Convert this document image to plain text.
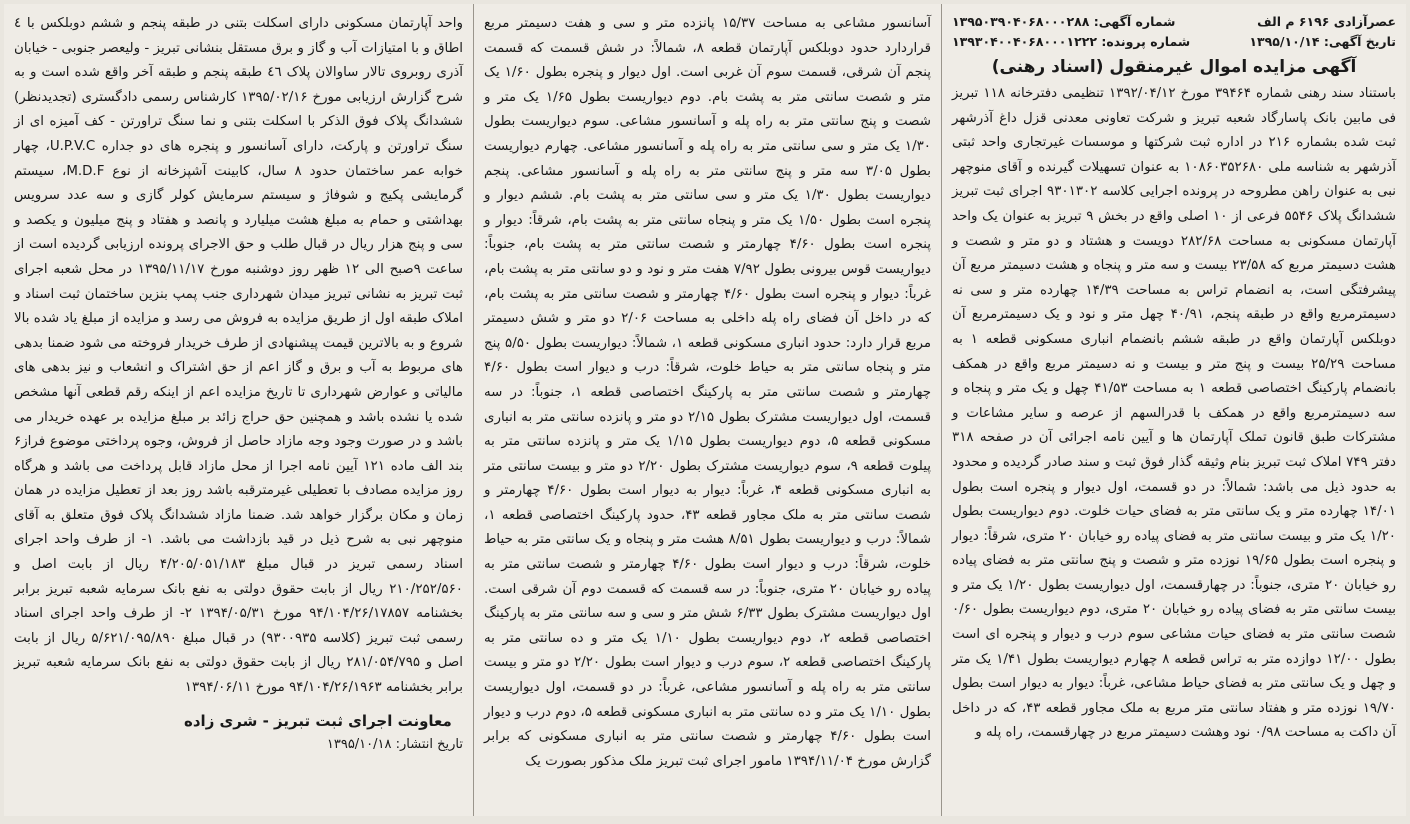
عصرآزادی ۶۱۹۶ م الف
شماره آگهی: ۱۳۹۵۰۳۹۰۴۰۶۸۰۰۰۲۸۸
تاریخ آگهی: ۱۳۹۵/۱۰/۱۴
شماره پرونده: ۱۳۹۳۰۴۰۰۴۰۶۸۰۰۰۱۲۲۲
آگهی مزایده اموال غیرمنقول (اسناد رهنی)

باستناد سند رهنی شماره ۳۹۴۶۴ مورخ ۱۳۹۲/۰۴/۱۲ تنظیمی دفترخانه ۱۱۸ تبریز فی مابین بانک پاسارگاد شعبه تبریز و شرکت تعاونی معدنی قزل داغ آذرشهر ثبت شده بشماره ۲۱۶ در اداره ثبت شرکتها و موسسات غیرتجاری واحد ثبتی آذرشهر به شناسه ملی ۱۰۸۶۰۳۵۲۶۸۰ به عنوان تسهیلات گیرنده و آقای منوچهر نبی به عنوان راهن مطروحه در پرونده اجرایی کلاسه ۹۳۰۱۳۰۲ اجرای ثبت تبریز ششدانگ پلاک ۵۵۴۶ فرعی از ۱۰ اصلی واقع در بخش ۹ تبریز به عنوان یک واحد آپارتمان مسکونی به مساحت ۲۸۲/۶۸ دویست و هشتاد و دو متر و شصت و هشت دسیمتر مربع که ۲۳/۵۸ بیست و سه متر و پنجاه و هشت دسیمتر مربع آن پیشرفتگی است، به انضمام تراس به مساحت ۱۴/۳۹ چهارده متر و سی نه دسیمترمربع واقع در طبقه پنجم، ۴۰/۹۱ چهل متر و نود و یک دسیمترمربع آن دوبلکس آپارتمان واقع در طبقه ششم بانضمام انباری مسکونی قطعه ۱ به مساحت ۲۵/۲۹ بیست و پنج متر و بیست و نه دسیمتر مربع واقع در همکف بانضمام پارکینگ اختصاصی قطعه ۱ به مساحت ۴۱/۵۳ چهل و یک متر و پنجاه و سه دسیمترمربع واقع در همکف با قدرالسهم از عرصه و سایر مشاعات و مشترکات طبق قانون تملک آپارتمان ها و آیین نامه اجرائی آن در صفحه ۳۱۸ دفتر ۷۴۹ املاک ثبت تبریز بنام وثیقه گذار فوق ثبت و سند صادر گردیده و محدود به حدود ذیل می باشد: شمالاً: در دو قسمت، اول دیوار و پنجره است بطول ۱۴/۰۱ چهارده متر و یک سانتی متر به فضای حیات خلوت. دوم دیواریست بطول ۱/۲۰ یک متر و بیست سانتی متر به فضای پیاده رو خیابان ۲۰ متری، شرقاً: دیوار و پنجره است بطول ۱۹/۶۵ نوزده متر و شصت و پنج سانتی متر به فضای پیاده رو خیابان ۲۰ متری، جنوباً: در چهارقسمت، اول دیواریست بطول ۱/۲۰ یک متر و بیست سانتی متر به فضای پیاده رو خیابان ۲۰ متری، دوم دیواریست بطول ۰/۶۰ شصت سانتی متر به فضای حیات مشاعی سوم درب و دیوار و پنجره ای است بطول ۱۲/۰۰ دوازده متر به تراس قطعه ۸ چهارم دیواریست بطول ۱/۴۱ یک متر و چهل و یک سانتی متر به فضای حیاط مشاعی، غرباً: دیوار به دیوار است بطول ۱۹/۷۰ نوزده متر و هفتاد سانتی متر مربع به ملک مجاور قطعه ۴۳، که در داخل آن داکت به مساحت ۰/۹۸ نود وهشت دسیمتر مربع در چهارقسمت، راه پله و

آسانسور مشاعی به مساحت ۱۵/۳۷ پانزده متر و سی و هفت دسیمتر مربع قراردارد حدود دوبلکس آپارتمان قطعه ۸، شمالاً: در شش قسمت که قسمت پنجم آن شرقی، قسمت سوم آن غربی است. اول دیوار و پنجره بطول ۱/۶۰ یک متر و شصت سانتی متر به پشت بام. دوم دیواریست بطول ۱/۶۵ یک متر و شصت و پنج سانتی متر به راه پله و آسانسور مشاعی. سوم دیواریست بطول ۱/۳۰ یک متر و سی سانتی متر به راه پله و آسانسور مشاعی. چهارم دیواریست بطول ۳/۰۵ سه متر و پنج سانتی متر به راه پله و آسانسور مشاعی. پنجم دیواریست بطول ۱/۳۰ یک متر و سی سانتی متر به پشت بام. ششم دیوار و پنجره است بطول ۱/۵۰ یک متر و پنجاه سانتی متر به پشت بام، شرقاً: دیوار و پنجره است بطول ۴/۶۰ چهارمتر و شصت سانتی متر به پشت بام، جنوباً: دیواریست قوس بیرونی بطول ۷/۹۲ هفت متر و نود و دو سانتی متر به پشت بام، غرباً: دیوار و پنجره است بطول ۴/۶۰ چهارمتر و شصت سانتی متر به پشت بام، که در داخل آن فضای راه پله داخلی به مساحت ۲/۰۶ دو متر و شش دسیمتر مربع قرار دارد: حدود انباری مسکونی قطعه ۱، شمالاً: دیواریست بطول ۵/۵۰ پنج متر و پنجاه سانتی متر به حیاط خلوت، شرقاً: درب و دیوار است بطول ۴/۶۰ چهارمتر و شصت سانتی متر به پارکینگ اختصاصی قطعه ۱، جنوباً: در سه قسمت، اول دیواریست مشترک بطول ۲/۱۵ دو متر و پانزده سانتی متر به انباری مسکونی قطعه ۵، دوم دیواریست بطول ۱/۱۵ یک متر و پانزده سانتی متر به پیلوت قطعه ۹، سوم دیواریست مشترک بطول ۲/۲۰ دو متر و بیست سانتی متر به انباری مسکونی قطعه ۴، غرباً: دیوار به دیوار است بطول ۴/۶۰ چهارمتر و شصت سانتی متر به ملک مجاور قطعه ۴۳، حدود پارکینگ اختصاصی قطعه ۱، شمالاً: درب و دیواریست بطول ۸/۵۱ هشت متر و پنجاه و یک سانتی متر به حیاط خلوت، شرقاً: درب و دیوار است بطول ۴/۶۰ چهارمتر و شصت سانتی متر به پیاده رو خیابان ۲۰ متری، جنوباً: در سه قسمت که قسمت دوم آن شرقی است. اول دیواریست مشترک بطول ۶/۳۳ شش متر و سی و سه سانتی متر به پارکینگ اختصاصی قطعه ۲، دوم دیواریست بطول ۱/۱۰ یک متر و ده سانتی متر به پارکینگ اختصاصی قطعه ۲، سوم درب و دیوار است بطول ۲/۲۰ دو متر و بیست سانتی متر به راه پله و آسانسور مشاعی، غرباً: در دو قسمت، اول دیواریست بطول ۱/۱۰ یک متر و ده سانتی متر به انباری مسکونی قطعه ۵، دوم درب و دیوار است بطول ۴/۶۰ چهارمتر و شصت سانتی متر به انباری مسکونی که برابر گزارش مورخ ۱۳۹۴/۱۱/۰۴ مامور اجرای ثبت تبریز ملک مذکور بصورت یک

واحد آپارتمان مسکونی دارای اسکلت بتنی در طبقه پنجم و ششم دوبلکس با ٤ اطاق و با امتیازات آب و گاز و برق مستقل بنشانی تبریز - ولیعصر جنوبی - خیابان آذری روبروی تالار ساوالان پلاک ٤٦ طبقه پنجم و طبقه آخر واقع شده است و به شرح گزارش ارزیابی مورخ ۱۳۹۵/۰۲/۱۶ کارشناس رسمی دادگستری (تجدیدنظر) ششدانگ پلاک فوق الذکر با اسکلت بتنی و نما سنگ تراورتن - کف آمیزه ای از سنگ تراورتن و پارکت، دارای آسانسور و پنجره های دو جداره U.P.V.C، چهار خوابه عمر ساختمان حدود ۸ سال، کابینت آشپزخانه از نوع M.D.F، سیستم گرمایشی پکیج و شوفاژ و سیستم سرمایش کولر گازی و سه عدد سرویس بهداشتی و حمام به مبلغ هشت میلیارد و پانصد و هفتاد و پنج میلیون و یکصد و سی و پنج هزار ریال در قبال طلب و حق الاجرای پرونده ارزیابی گردیده است از ساعت ۹صبح الی ۱۲ ظهر روز دوشنبه مورخ ۱۳۹۵/۱۱/۱۷ در محل شعبه اجرای ثبت تبریز به نشانی تبریز میدان شهرداری جنب پمپ بنزین ساختمان ثبت اسناد و املاک طبقه اول از طریق مزایده به فروش می رسد و مزایده از مبلغ یاد شده بالا شروع و به بالاترین قیمت پیشنهادی از طرف خریدار فروخته می شود ضمنا بدهی های مربوط به آب و برق و گاز اعم از حق اشتراک و انشعاب و نیز بدهی های مالیاتی و عوارض شهرداری تا تاریخ مزایده اعم از اینکه رقم قطعی آنها مشخص شده یا نشده باشد و همچنین حق حراج زائد بر مبلغ مزایده بر عهده خریدار می باشد و در صورت وجود وجه مازاد حاصل از فروش، وجوه پرداختی موضوع فراز۶ بند الف ماده ۱۲۱ آیین نامه اجرا از محل مازاد قابل پرداخت می باشد و هرگاه روز مزایده مصادف با تعطیلی غیرمترقبه باشد روز بعد از تعطیل مزایده در همان زمان و مکان برگزار خواهد شد. ضمنا مازاد ششدانگ پلاک فوق متعلق به آقای منوچهر نبی به شرح ذیل در قید بازداشت می باشد. ۱- از طرف واحد اجرای اسناد رسمی تبریز در قبال مبلغ ۴/۲۰۵/۰۵۱/۱۸۳ ریال از بابت اصل و ۲۱۰/۲۵۲/۵۶۰ ریال از بابت حقوق دولتی به نفع بانک سرمایه شعبه تبریز برابر بخشنامه ۹۴/۱۰۴/۲۶/۱۷۸۵۷ مورخ ۱۳۹۴/۰۵/۳۱ ۲- از طرف واحد اجرای اسناد رسمی ثبت تبریز (کلاسه ۹۳۰۰۹۳۵) در قبال مبلغ ۵/۶۲۱/۰۹۵/۸۹۰ ریال از بابت اصل و ۲۸۱/۰۵۴/۷۹۵ ریال از بابت حقوق دولتی به نفع بانک سرمایه شعبه تبریز برابر بخشنامه ۹۴/۱۰۴/۲۶/۱۹۶۳ مورخ ۱۳۹۴/۰۶/۱۱

معاونت اجرای ثبت تبریز - شری زاده
تاریخ انتشار: ۱۳۹۵/۱۰/۱۸
